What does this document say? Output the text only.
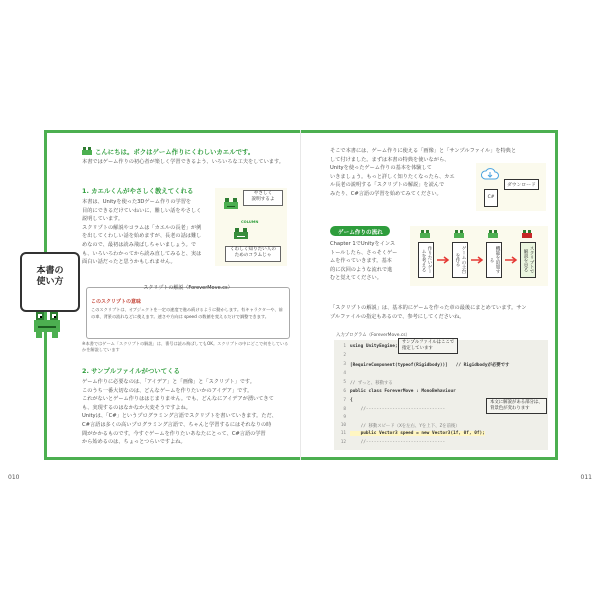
本書の
使い方
こんにちは。ボクはゲーム作りにくわしいカエルです。
本書ではゲーム作りの初心者が楽しく学習できるよう、いろいろな工夫をしています。
1. カエルくんがやさしく教えてくれる
本書は、Unityを使った3Dゲーム作りの学習を
目的にできるだけていねいに、難しい話をやさしく
説明しています。
スクリプトの解説やコラムは「カエルの長老」が例
を出してくわしい話を始めますが、長老の話は難し
めなので、最初は読み飛ばしちゃいましょう。で
も、いろいろわかってから読み直してみると、実は
面白い話だったと思うかもしれません。
やさしく
説明するよ
COLUMN
くわしく知りたい人の
ためのコラムじゃ
スクリプトの解説（ForeverMove.cs）
このスクリプトの意味
このスクリプトは、オブジェクトを一定の速度で進み続けるように動かします。有キャラクターや、前の車、背景の流れなどに使えます。速さや方向は speed の数値を変えるだけで調整できます。
※本書ではゲーム「スクリプトの解説」は、番号は読み飛ばしてもOK。スクリプトの中にどこで何をしているかを解説しています
2. サンプルファイルがついてくる
ゲーム作りに必要なのは、「アイデア」と「画像」と「スクリプト」です。
このうち一番大切なのは、どんなゲームを作りたいかのアイデア」です。
これがないとゲーム作りははじまりません。でも、どんなにアイデアが湧いてきて
も、実現するのはなかなか大変そうですよね。
Unityは、「C#」というプログラミング言語でスクリプトを書いていきます。ただ、
C#言語は多くの高いプログラミング言語で、ちゃんと学習するにはそれなりの時
間がかかるものです。今すぐゲームを作りたいあなたにとって、C#言語の学習
から始めるのは、ちょっとつらいですよね。
そこで本書には、ゲーム作りに使える「画像」と「サンプルファイル」を特典と
して付けました。まずは本書の特典を使いながら、
Unityを使ったゲーム作りの基本を体験して
いきましょう。もっと詳しく知りたくなったら、カエ
ル長老の説明する「スクリプトの解説」を読んで
みたり、C#言語の学習を始めてみてください。
ダウンロード
C#
ゲーム作りの流れ
Chapter 1でUnityをインス
トールしたら、さっそくゲー
ムを作っていきます。基本
的に次回のような流れで進
むと覚えてください。
作りたいゲームを考える	ゲームの土台を作る	機能を追加する	スクリプトで解説を見る
「スクリプトの解説」は、基本的にゲームを作った章の最後にまとめています。サン
プルファイルの指定もあるので、参考にしてくださいね。
入力プログラム（ForeverMove.cs）
1 using UnityEngine;
2
3 [RequireComponent(typeof(Rigidbody))]   // Rigidbodyが必要です
4
5 // ずっと、移動する
6 public class ForeverMove : MonoBehaviour
7 {
8 //------------------------------
9
10 // 移動スピード（Xを左右、Yを上下、Zを前後）
11 public Vector3 speed = new Vector3(1f, 0f, 0f);
12 //------------------------------
サンプルファイルはここで
指定しています
本文に解説がある部分は、
背景色が変わります
010	011
